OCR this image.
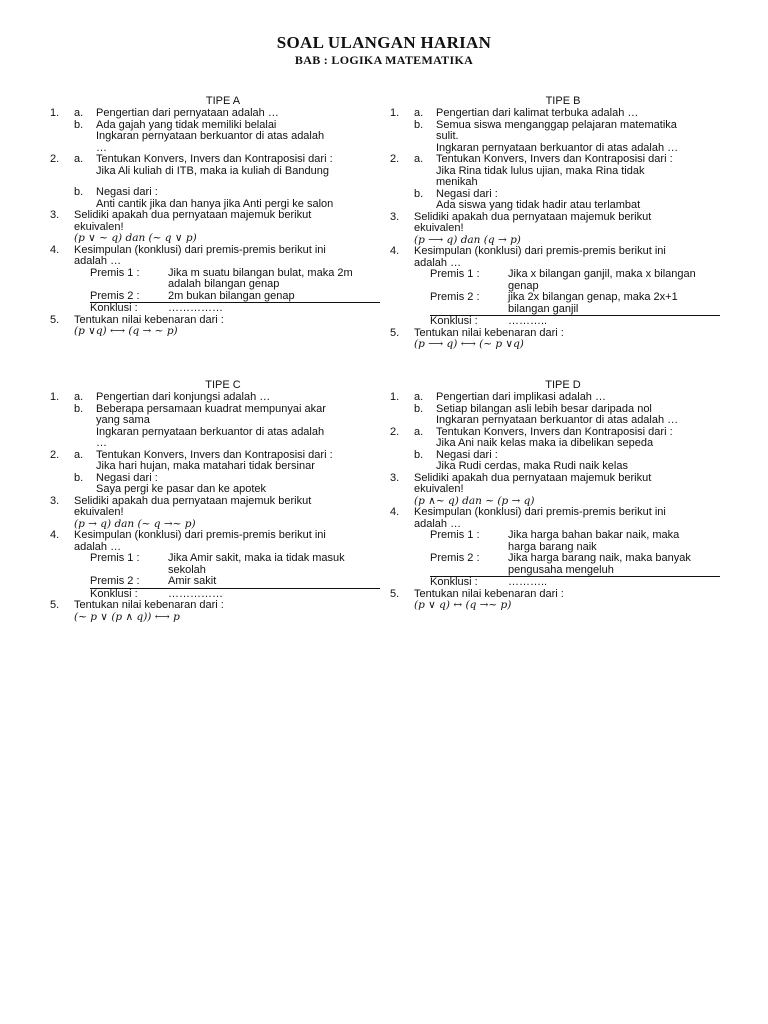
SOAL ULANGAN HARIAN
BAB : LOGIKA MATEMATIKA
TIPE A
1.	a.	Pengertian dari pernyataan adalah …
b.	Ada gajah yang tidak memiliki belalai
Ingkaran pernyataan berkuantor di atas adalah
…
2.	a.	Tentukan Konvers, Invers dan Kontraposisi dari :
Jika Ali kuliah di ITB, maka ia kuliah di Bandung
b.	Negasi dari :
Anti cantik jika dan hanya jika Anti pergi ke salon
3.	Selidiki apakah dua pernyataan majemuk berikut
ekuivalen!
(𝑝 ∨ ∼ 𝑞) dan (∼ 𝑞 ∨ 𝑝)
4.	Kesimpulan (konklusi) dari premis-premis berikut ini
adalah …
Premis 1 :	Jika m suatu bilangan bulat, maka 2m
adalah bilangan genap
Premis 2 :	2m bukan bilangan genap
Konklusi :	……………
5.	Tentukan nilai kebenaran dari :
(𝑝 ∨𝑞) ⟷ (𝑞 → ∼ 𝑝)
TIPE B
1.	a.	Pengertian dari kalimat terbuka adalah …
b.	Semua siswa menganggap pelajaran matematika
sulit.
Ingkaran pernyataan berkuantor di atas adalah …
2.	a.	Tentukan Konvers, Invers dan Kontraposisi dari :
Jika Rina tidak lulus ujian, maka Rina tidak
menikah
b.	Negasi dari :
Ada siswa yang tidak hadir atau terlambat
3.	Selidiki apakah dua pernyataan majemuk berikut
ekuivalen!
(𝑝 ⟶ 𝑞) dan (𝑞 → 𝑝)
4.	Kesimpulan (konklusi) dari premis-premis berikut ini
adalah …
Premis 1 :	Jika x bilangan ganjil, maka x bilangan
genap
Premis 2 :	jika 2x bilangan genap, maka 2x+1
bilangan ganjil
Konklusi :	………..
5.	Tentukan nilai kebenaran dari :
(𝑝 ⟶ 𝑞) ⟷ (∼ 𝑝 ∨𝑞)
TIPE C
1.	a.	Pengertian dari konjungsi adalah …
b.	Beberapa persamaan kuadrat mempunyai akar
yang sama
Ingkaran pernyataan berkuantor di atas adalah
…
2.	a.	Tentukan Konvers, Invers dan Kontraposisi dari :
Jika hari hujan, maka matahari tidak bersinar
b.	Negasi dari :
Saya pergi ke pasar dan ke apotek
3.	Selidiki apakah dua pernyataan majemuk berikut
ekuivalen!
(𝑝 → 𝑞) dan (∼ 𝑞 →∼ 𝑝)
4.	Kesimpulan (konklusi) dari premis-premis berikut ini
adalah …
Premis 1 :	Jika Amir sakit, maka ia tidak masuk
sekolah
Premis 2 :	Amir sakit
Konklusi :	……………
5.	Tentukan nilai kebenaran dari :
(∼ 𝑝 ∨ (𝑝 ∧ 𝑞)) ⟷ 𝑝
TIPE D
1.	a.	Pengertian dari implikasi adalah …
b.	Setiap bilangan asli lebih besar daripada nol
Ingkaran pernyataan berkuantor di atas adalah …
2.	a.	Tentukan Konvers, Invers dan Kontraposisi dari :
Jika Ani naik kelas maka ia dibelikan sepeda
b.	Negasi dari :
Jika Rudi cerdas, maka Rudi naik kelas
3.	Selidiki apakah dua pernyataan majemuk berikut
ekuivalen!
(𝑝 ∧∼ 𝑞) dan ∼ (𝑝 → 𝑞)
4.	Kesimpulan (konklusi) dari premis-premis berikut ini
adalah …
Premis 1 :	Jika harga bahan bakar naik, maka
harga barang naik
Premis 2 :	Jika harga barang naik, maka banyak
pengusaha mengeluh
Konklusi :	………..
5.	Tentukan nilai kebenaran dari :
(𝑝 ∨ 𝑞) ↔ (𝑞 →∼ 𝑝)
